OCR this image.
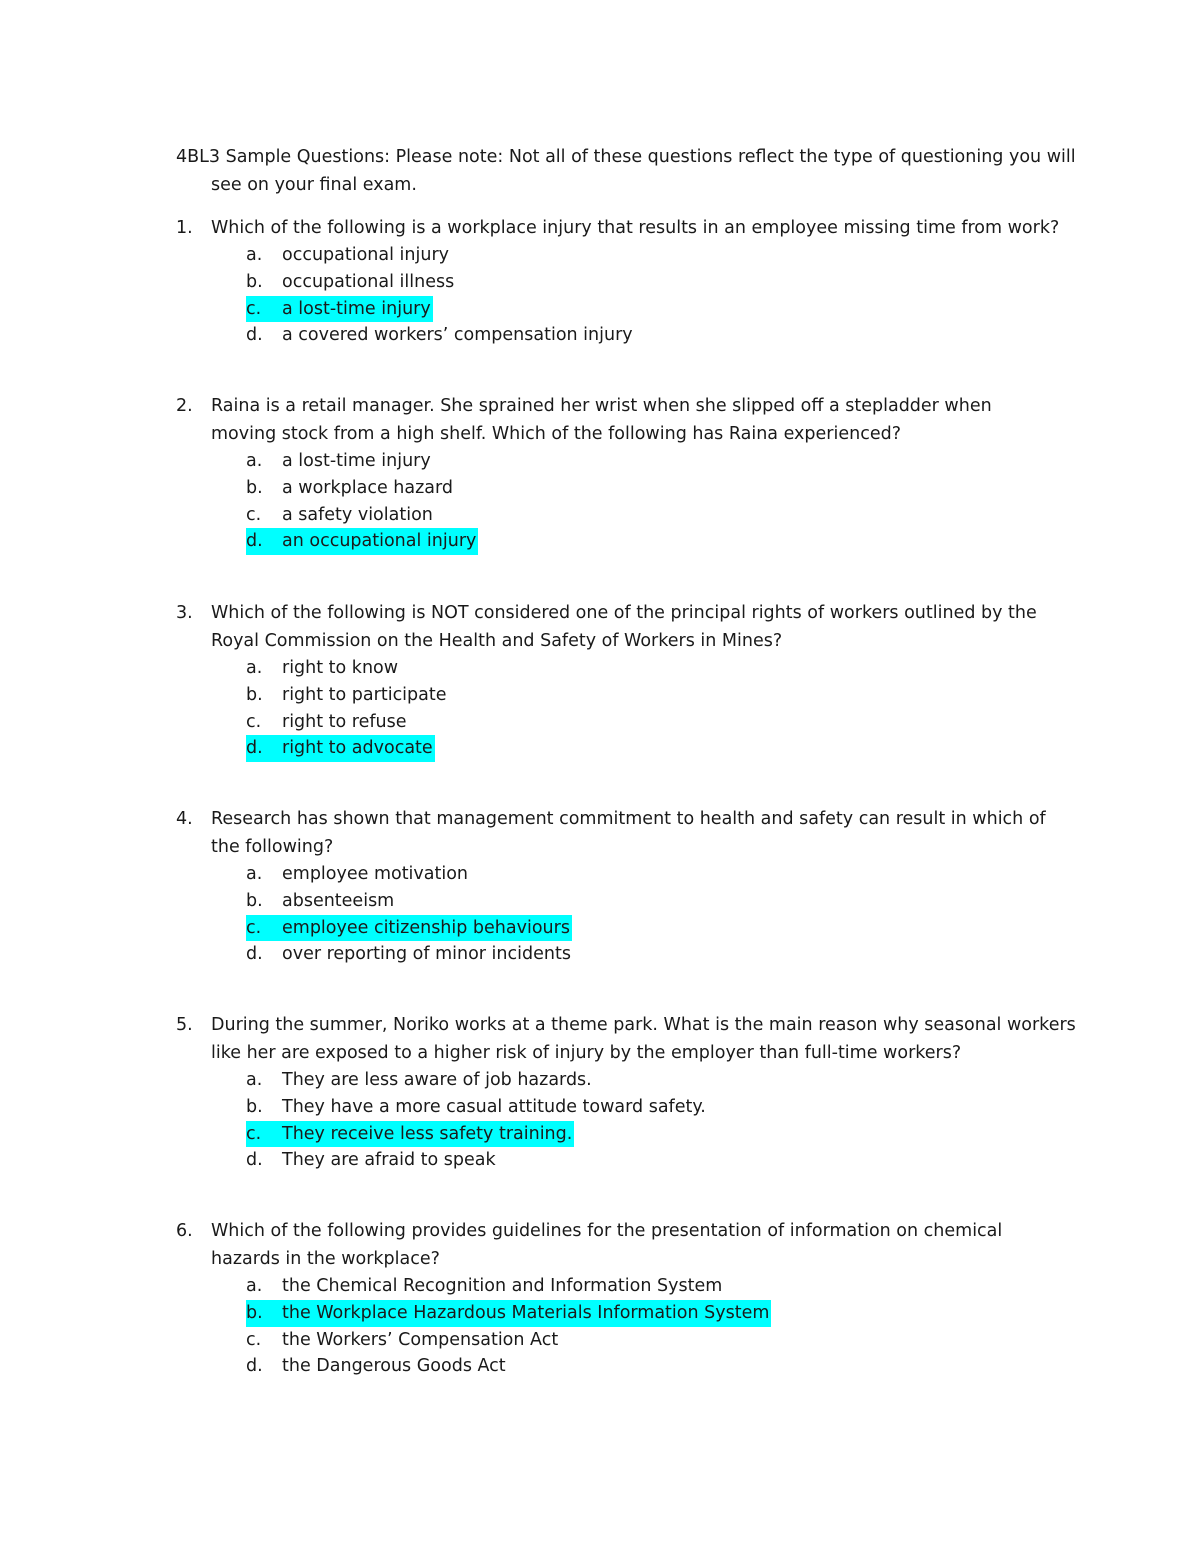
4BL3 Sample Questions: Please note: Not all of these questions reflect the type of questioning you will see on your final exam.
1. Which of the following is a workplace injury that results in an employee missing time from work?
a. occupational injury
b. occupational illness
c. a lost-time injury
d. a covered workers’ compensation injury
2. Raina is a retail manager. She sprained her wrist when she slipped off a stepladder when moving stock from a high shelf. Which of the following has Raina experienced?
a. a lost-time injury
b. a workplace hazard
c. a safety violation
d. an occupational injury
3. Which of the following is NOT considered one of the principal rights of workers outlined by the Royal Commission on the Health and Safety of Workers in Mines?
a. right to know
b. right to participate
c. right to refuse
d. right to advocate
4. Research has shown that management commitment to health and safety can result in which of the following?
a. employee motivation
b. absenteeism
c. employee citizenship behaviours
d. over reporting of minor incidents
5. During the summer, Noriko works at a theme park. What is the main reason why seasonal workers like her are exposed to a higher risk of injury by the employer than full-time workers?
a. They are less aware of job hazards.
b. They have a more casual attitude toward safety.
c. They receive less safety training.
d. They are afraid to speak
6. Which of the following provides guidelines for the presentation of information on chemical hazards in the workplace?
a. the Chemical Recognition and Information System
b. the Workplace Hazardous Materials Information System
c. the Workers’ Compensation Act
d. the Dangerous Goods Act
